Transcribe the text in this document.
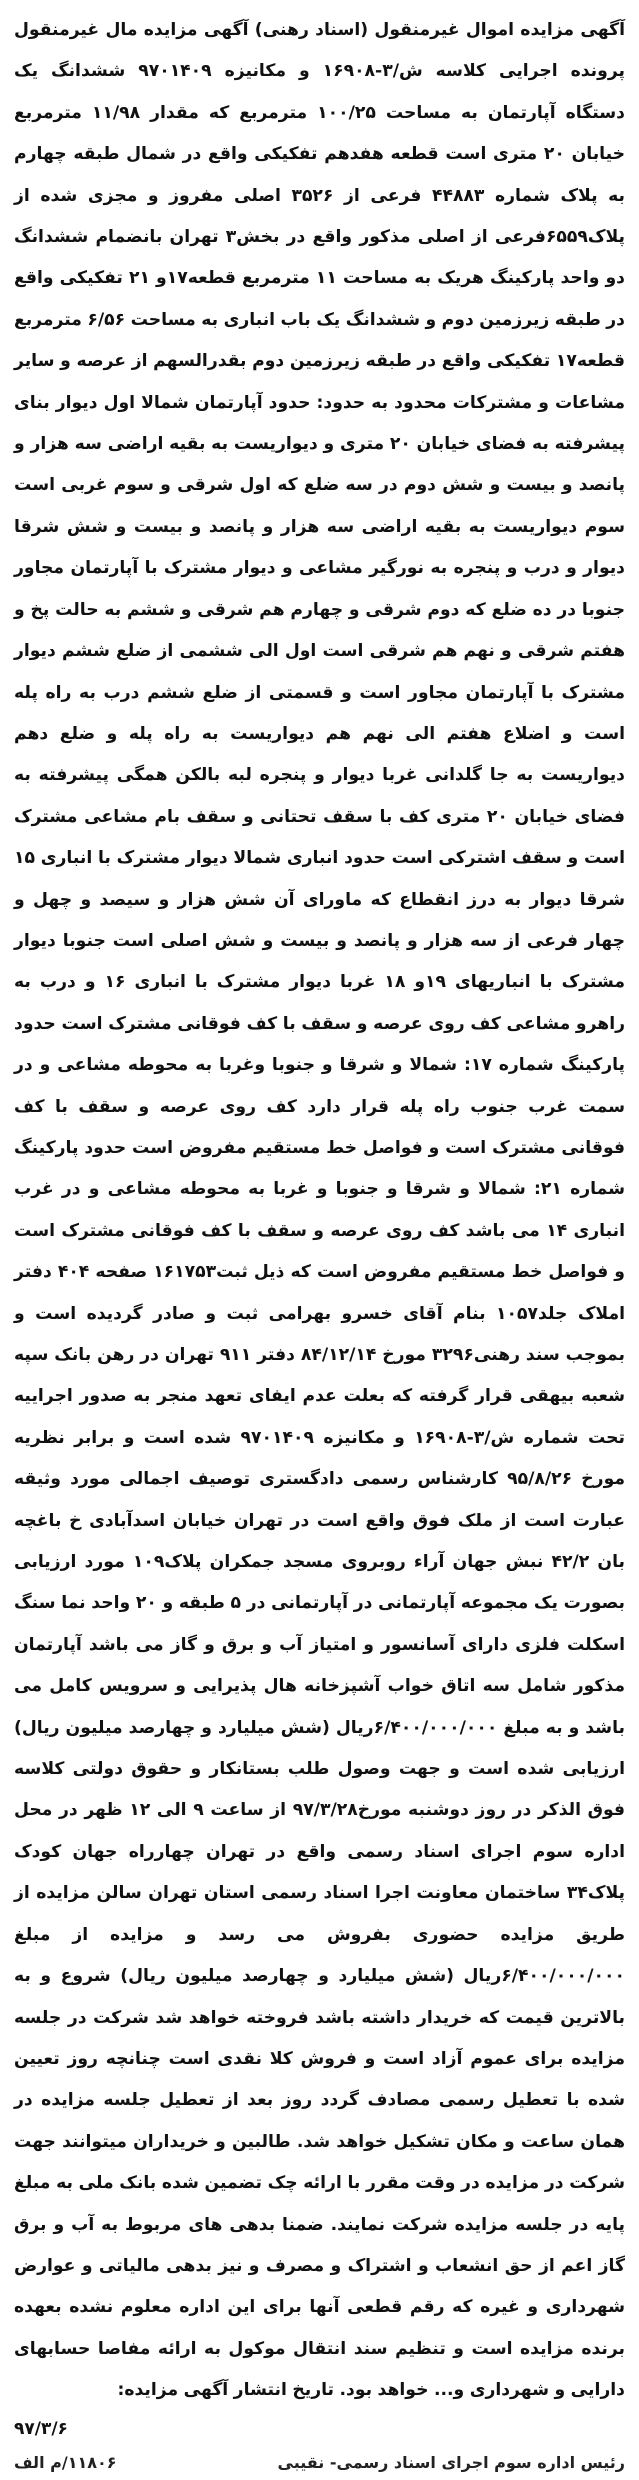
آگهی مزایده اموال غیرمنقول (اسناد رهنی) آگهی مزایده مال غیرمنقول پرونده اجرایی کلاسه ش/۳-۱۶۹۰۸ و مکانیزه ۹۷۰۱۴۰۹ ششدانگ یک دستگاه آپارتمان به مساحت ۱۰۰/۲۵ مترمربع که مقدار ۱۱/۹۸ مترمربع خیابان ۲۰ متری است قطعه هفدهم تفکیکی واقع در شمال طبقه چهارم به پلاک شماره ۴۴۸۸۳ فرعی از ۳۵۲۶ اصلی مفروز و مجزی شده از پلاک۶۵۵۹فرعی از اصلی مذکور واقع در بخش۳ تهران بانضمام ششدانگ دو واحد پارکینگ هریک به مساحت ۱۱ مترمربع قطعه۱۷و ۲۱ تفکیکی واقع در طبقه زیرزمین دوم و ششدانگ یک باب انباری به مساحت ۶/۵۶ مترمربع قطعه۱۷ تفکیکی واقع در طبقه زیرزمین دوم بقدرالسهم از عرصه و سایر مشاعات و مشترکات محدود به حدود: حدود آپارتمان شمالا اول دیوار بنای پیشرفته به فضای خیابان ۲۰ متری و دیواریست به بقیه اراضی سه هزار و پانصد و بیست و شش دوم در سه ضلع که اول شرقی و سوم غربی است سوم دیواریست به بقیه اراضی سه هزار و پانصد و بیست و شش شرقا دیوار و درب و پنجره به نورگیر مشاعی و دیوار مشترک با آپارتمان مجاور جنوبا در ده ضلع که دوم شرقی و چهارم هم شرقی و ششم به حالت پخ و هفتم شرقی و نهم هم شرقی است اول الی ششمی از ضلع ششم دیوار مشترک با آپارتمان مجاور است و قسمتی از ضلع ششم درب به راه پله است و اضلاع هفتم الی نهم هم دیواریست به راه پله و ضلع دهم دیواریست به جا گلدانی غربا دیوار و پنجره لبه بالکن همگی پیشرفته به فضای خیابان ۲۰ متری کف با سقف تحتانی و سقف بام مشاعی مشترک است و سقف اشترکی است حدود انباری شمالا دیوار مشترک با انباری ۱۵ شرقا دیوار به درز انقطاع که ماورای آن شش هزار و سیصد و چهل و چهار فرعی از سه هزار و پانصد و بیست و شش اصلی است جنوبا دیوار مشترک با انباریهای ۱۹و ۱۸ غربا دیوار مشترک با انباری ۱۶ و درب به راهرو مشاعی کف روی عرصه و سقف با کف فوقانی مشترک است حدود پارکینگ شماره ۱۷: شمالا و شرقا و جنوبا وغربا به محوطه مشاعی و در سمت غرب جنوب راه پله قرار دارد کف روی عرصه و سقف با کف فوقانی مشترک است و فواصل خط مستقیم مفروض است حدود پارکینگ شماره ۲۱: شمالا و شرقا و جنوبا و غربا به محوطه مشاعی و در غرب انباری ۱۴ می باشد کف روی عرصه و سقف با کف فوقانی مشترک است و فواصل خط مستقیم مفروض است که ذیل ثبت۱۶۱۷۵۳ صفحه ۴۰۴ دفتر املاک جلد۱۰۵۷ بنام آقای خسرو بهرامی ثبت و صادر گردیده است و بموجب سند رهنی۳۲۹۶ مورخ ۸۴/۱۲/۱۴ دفتر ۹۱۱ تهران در رهن بانک سپه شعبه بیهقی قرار گرفته که بعلت عدم ایفای تعهد منجر به صدور اجراییه تحت شماره ش/۳-۱۶۹۰۸ و مکانیزه ۹۷۰۱۴۰۹ شده است و برابر نظریه مورخ ۹۵/۸/۲۶ کارشناس رسمی دادگستری توصیف اجمالی مورد وثیقه عبارت است از ملک فوق واقع است در تهران خیابان اسدآبادی خ باغچه بان ۴۲/۲ نبش جهان آراء روبروی مسجد جمکران پلاک۱۰۹ مورد ارزیابی بصورت یک مجموعه آپارتمانی در آپارتمانی در ۵ طبقه و ۲۰ واحد نما سنگ اسکلت فلزی دارای آسانسور و امتیاز آب و برق و گاز می باشد آپارتمان مذکور شامل سه اتاق خواب آشپزخانه هال پذیرایی و سرویس کامل می باشد و به مبلغ ۶/۴۰۰/۰۰۰/۰۰۰ریال (شش میلیارد و چهارصد میلیون ریال) ارزیابی شده است و جهت وصول طلب بستانکار و حقوق دولتی کلاسه فوق الذکر در روز دوشنبه مورخ۹۷/۳/۲۸ از ساعت ۹ الی ۱۲ ظهر در محل اداره سوم اجرای اسناد رسمی واقع در تهران چهارراه جهان کودک پلاک۳۴ ساختمان معاونت اجرا اسناد رسمی استان تهران سالن مزایده از طریق مزایده حضوری بفروش می رسد و مزایده از مبلغ ۶/۴۰۰/۰۰۰/۰۰۰ریال (شش میلیارد و چهارصد میلیون ریال) شروع و به بالاترین قیمت که خریدار داشته باشد فروخته خواهد شد شرکت در جلسه مزایده برای عموم آزاد است و فروش کلا نقدی است چنانچه روز تعیین شده با تعطیل رسمی مصادف گردد روز بعد از تعطیل جلسه مزایده در همان ساعت و مکان تشکیل خواهد شد. طالبین و خریداران میتوانند جهت شرکت در مزایده در وقت مقرر با ارائه چک تضمین شده بانک ملی به مبلغ پایه در جلسه مزایده شرکت نمایند. ضمنا بدهی های مربوط به آب و برق گاز اعم از حق انشعاب و اشتراک و مصرف و نیز بدهی مالیاتی و عوارض شهرداری و غیره که رقم قطعی آنها برای این اداره معلوم نشده بعهده برنده مزایده است و تنظیم سند انتقال موکول به ارائه مفاصا حسابهای دارایی و شهرداری و... خواهد بود. تاریخ انتشار آگهی مزایده:

۹۷/۳/۶

رئیس اداره سوم اجرای اسناد رسمی- نقیبی
۱۱۸۰۶/م الف
